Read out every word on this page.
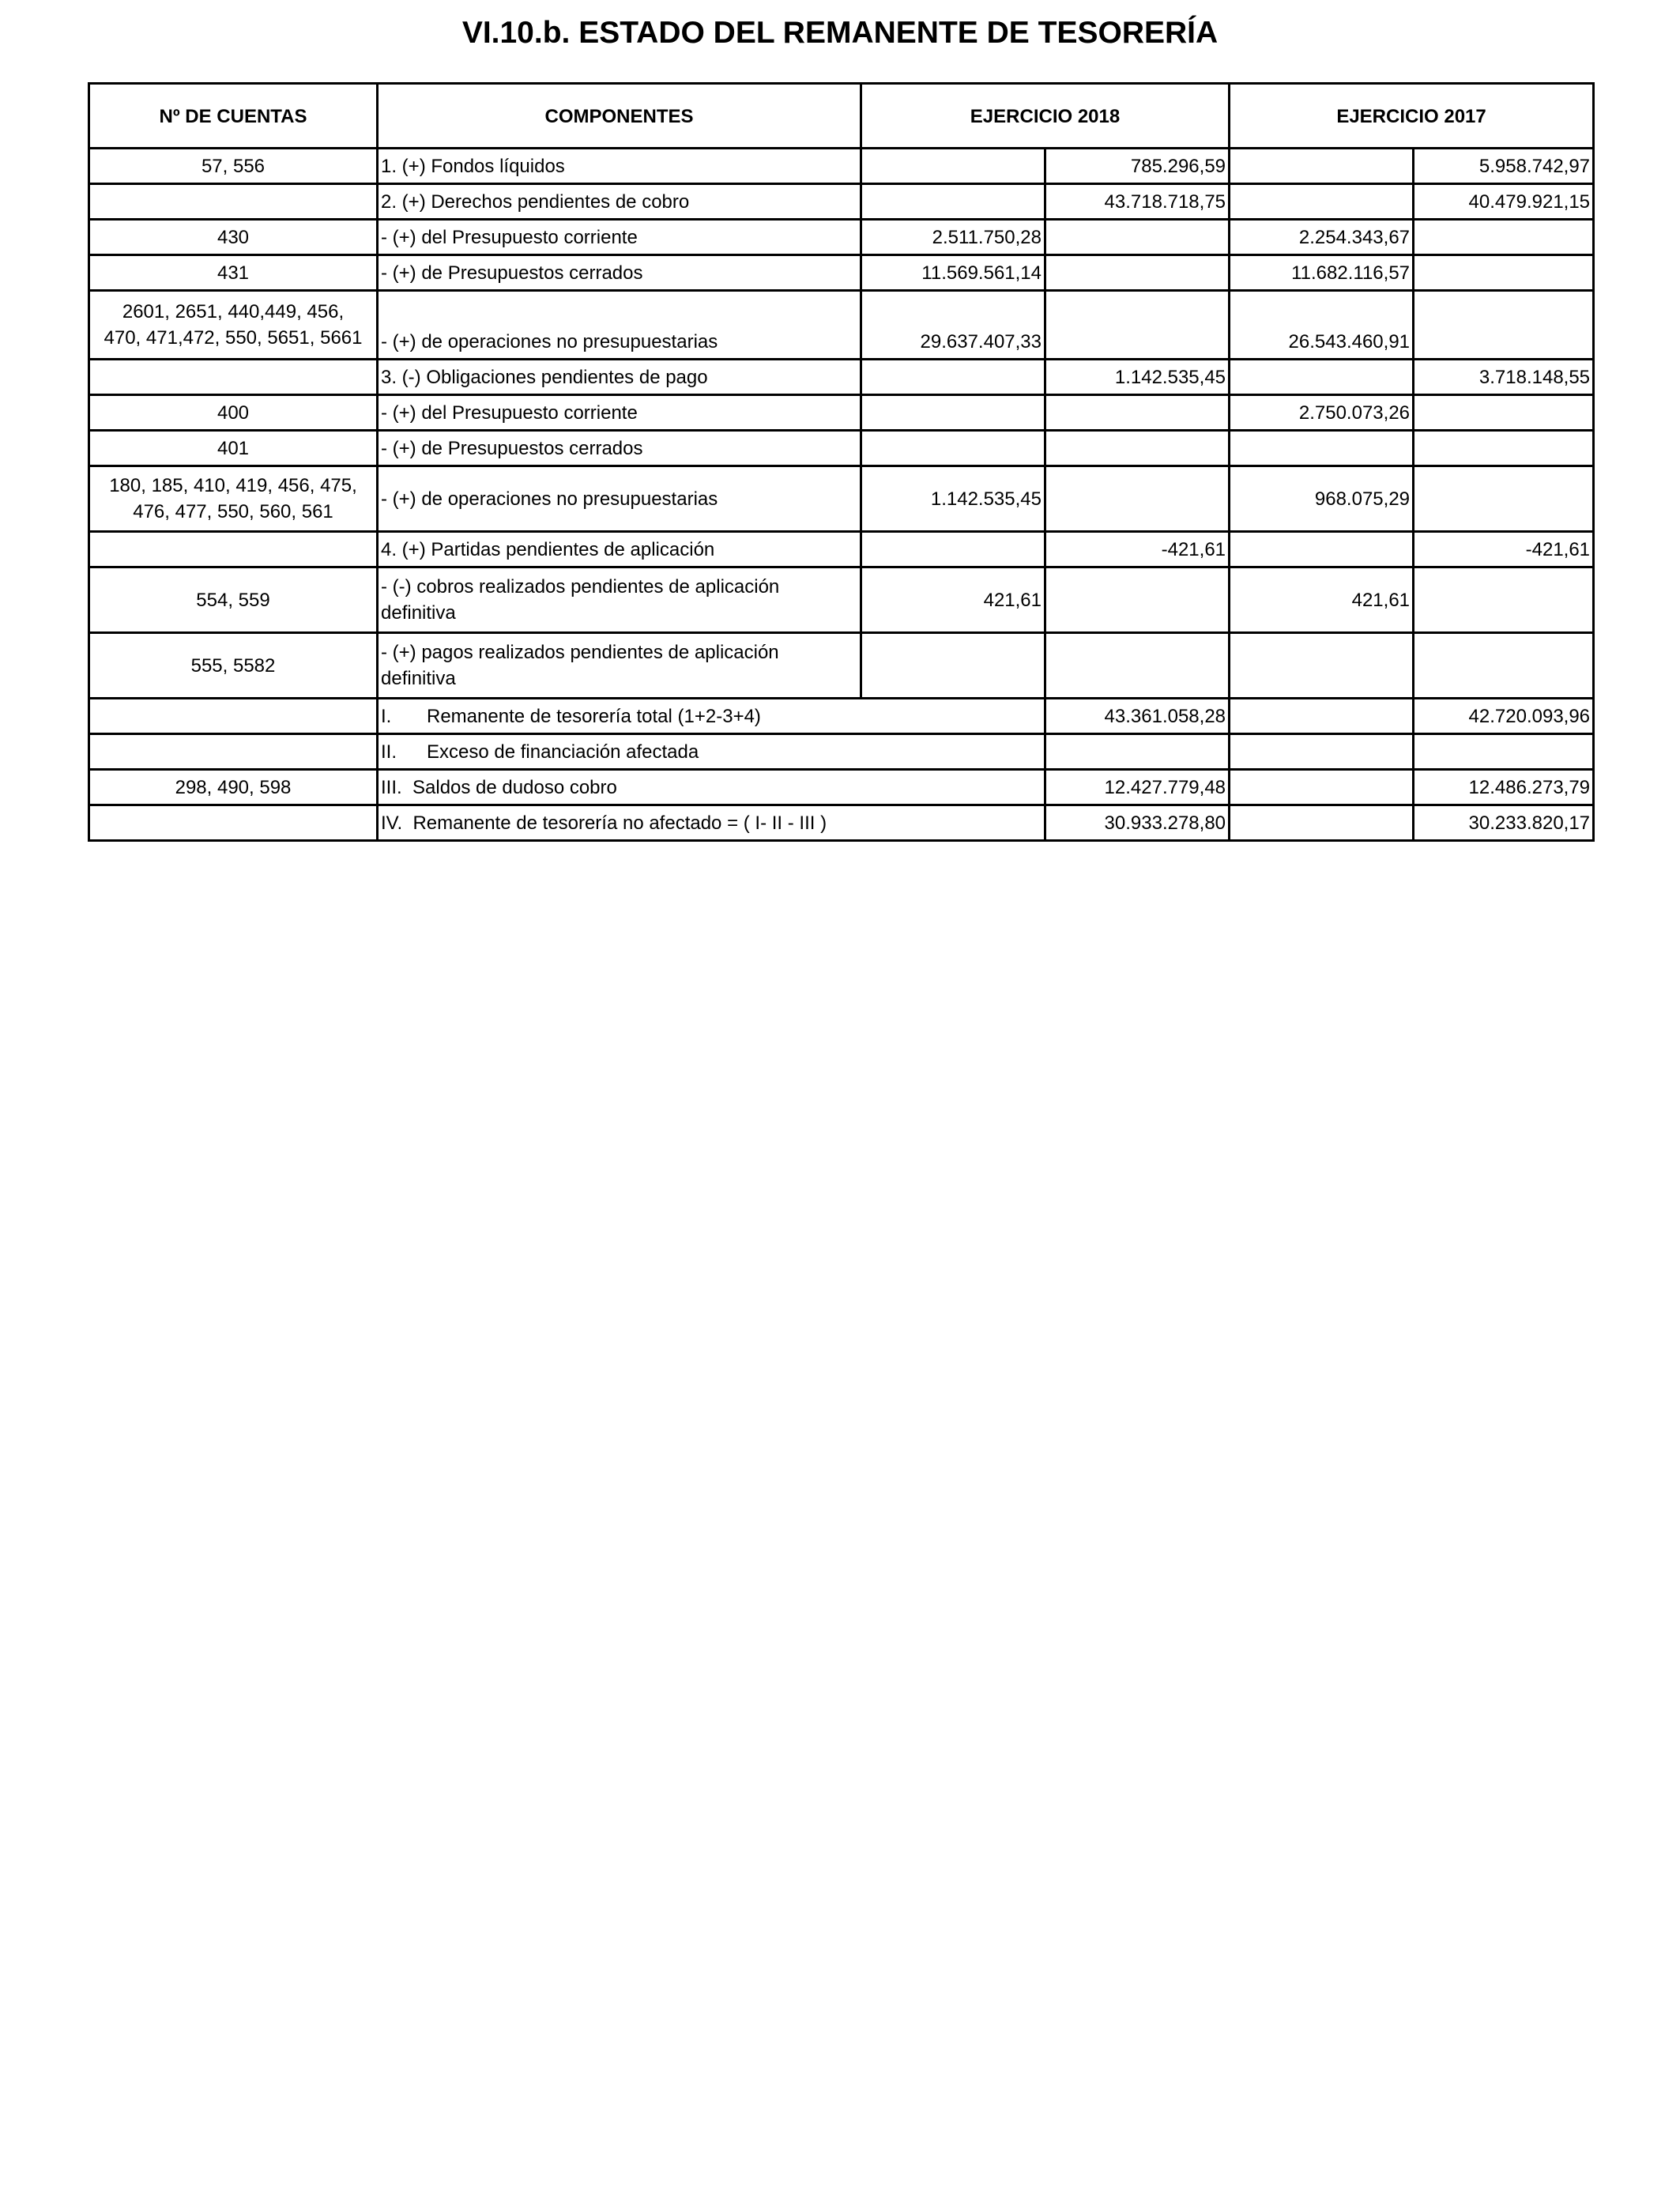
VI.10.b. ESTADO DEL REMANENTE DE TESORERÍA
Nº DE CUENTAS	COMPONENTES	EJERCICIO 2018		EJERCICIO 2017	
57, 556	1. (+) Fondos líquidos		785.296,59		5.958.742,97
	2. (+) Derechos pendientes de cobro		43.718.718,75		40.479.921,15
430	- (+) del Presupuesto corriente	2.511.750,28		2.254.343,67	
431	- (+) de Presupuestos cerrados	11.569.561,14		11.682.116,57	

2601, 2651, 440,449, 456,
470, 471,472, 550, 5651, 5661	- (+) de operaciones no presupuestarias	29.637.407,33		26.543.460,91	
	3. (-) Obligaciones pendientes de pago		1.142.535,45		3.718.148,55
400	- (+) del Presupuesto corriente			2.750.073,26	
401	- (+) de Presupuestos cerrados				

180, 185, 410, 419, 456, 475,
476, 477, 550, 560, 561	- (+) de operaciones no presupuestarias	1.142.535,45		968.075,29	
	4. (+) Partidas pendientes de aplicación		-421,61		-421,61
554, 559	- (-) cobros realizados pendientes de aplicación
definitiva	421,61		421,61	
555, 5582	- (+) pagos realizados pendientes de aplicación
definitiva				

	I. Remanente de tesorería total (1+2-3+4)		43.361.058,28		42.720.093,96
	II. Exceso de financiación afectada				
298, 490, 598	III.  Saldos de dudoso cobro		12.427.779,48		12.486.273,79
	IV.  Remanente de tesorería no afectado = ( I- II - III )		30.933.278,80		30.233.820,17
